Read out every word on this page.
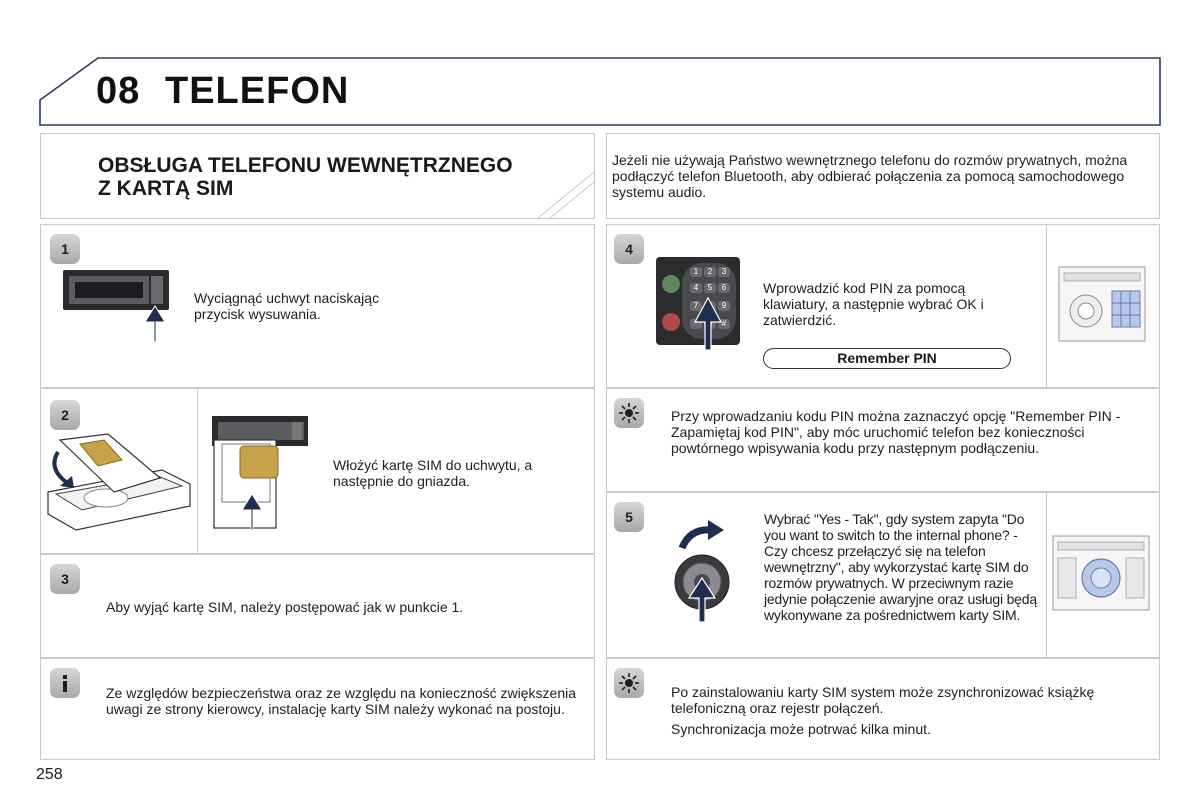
08 TELEFON
OBSŁUGA TELEFONU WEWNĘTRZNEGO
Z KARTĄ SIM
Jeżeli nie używają Państwo wewnętrznego telefonu do rozmów prywatnych, można podłączyć telefon Bluetooth, aby odbierać połączenia za pomocą samochodowego systemu audio.
1
Wyciągnąć uchwyt naciskając przycisk wysuwania.
2
Włożyć kartę SIM do uchwytu, a następnie do gniazda.
3
Aby wyjąć kartę SIM, należy postępować jak w punkcie 1.
Ze względów bezpieczeństwa oraz ze względu na konieczność zwiększenia uwagi ze strony kierowcy, instalację karty SIM należy wykonać na postoju.
4
1	2	3
4	5	6
7	9
*	#
Wprowadzić kod PIN za pomocą klawiatury, a następnie wybrać OK i zatwierdzić.
Remember PIN
Przy wprowadzaniu kodu PIN można zaznaczyć opcję "Remember PIN - Zapamiętaj kod PIN", aby móc uruchomić telefon bez konieczności powtórnego wpisywania kodu przy następnym podłączeniu.
5	Wybrać "Yes - Tak", gdy system zapyta "Do you want to switch to the internal phone? - Czy chcesz przełączyć się na telefon wewnętrzny", aby wykorzystać kartę SIM do rozmów prywatnych. W przeciwnym razie jedynie połączenie awaryjne oraz usługi będą wykonywane za pośrednictwem karty SIM.
Po zainstalowaniu karty SIM system może zsynchronizować książkę telefoniczną oraz rejestr połączeń.
Synchronizacja może potrwać kilka minut.
258
